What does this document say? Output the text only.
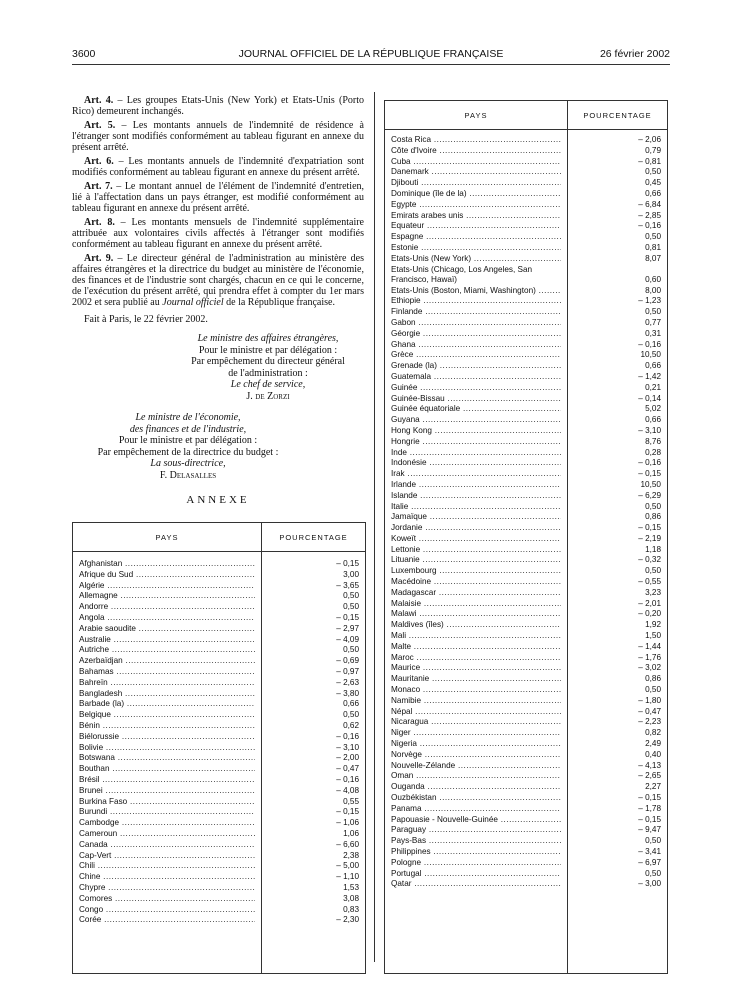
3600	JOURNAL OFFICIEL DE LA RÉPUBLIQUE FRANÇAISE	26 février 2002

Art. 4. – Les groupes Etats-Unis (New York) et Etats-Unis (Porto Rico) demeurent inchangés.

Art. 5. – Les montants annuels de l'indemnité de résidence à l'étranger sont modifiés conformément au tableau figurant en annexe du présent arrêté.

Art. 6. – Les montants annuels de l'indemnité d'expatriation sont modifiés conformément au tableau figurant en annexe du présent arrêté.

Art. 7. – Le montant annuel de l'élément de l'indemnité d'entretien, lié à l'affectation dans un pays étranger, est modifié conformément au tableau figurant en annexe du présent arrêté.

Art. 8. – Les montants mensuels de l'indemnité supplémentaire attribuée aux volontaires civils affectés à l'étranger sont modifiés conformément au tableau figurant en annexe du présent arrêté.

Art. 9. – Le directeur général de l'administration au ministère des affaires étrangères et la directrice du budget au ministère de l'économie, des finances et de l'industrie sont chargés, chacun en ce qui le concerne, de l'exécution du présent arrêté, qui prendra effet à compter du 1er mars 2002 et sera publié au Journal officiel de la République française.

Fait à Paris, le 22 février 2002.

Le ministre des affaires étrangères,
Pour le ministre et par délégation :
Par empêchement du directeur général
de l'administration :
Le chef de service,
J. de Zorzi
Le ministre de l'économie,
des finances et de l'industrie,
Pour le ministre et par délégation :
Par empêchement de la directrice du budget :
La sous-directrice,
F. Delasalles
ANNEXE
PAYS	POURCENTAGE
Afghanistan .....	– 0,15
Afrique du Sud .....	3,00
Algérie .....	– 3,65
Allemagne .....	0,50
Andorre .....	0,50
Angola .....	– 0,15
Arabie saoudite .....	– 2,97
Australie .....	– 4,09
Autriche .....	0,50
Azerbaïdjan .....	– 0,69
Bahamas .....	– 0,97
Bahreïn .....	– 2,63
Bangladesh .....	– 3,80
Barbade (la) .....	0,66
Belgique .....	0,50
Bénin .....	0,62
Biélorussie .....	– 0,16
Bolivie .....	– 3,10
Botswana .....	– 2,00
Bouthan .....	– 0,47
Brésil .....	– 0,16
Brunei .....	– 4,08
Burkina Faso .....	0,55
Burundi .....	– 0,15
Cambodge .....	– 1,06
Cameroun .....	1,06
Canada .....	– 6,60
Cap-Vert .....	2,38
Chili .....	– 5,00
Chine .....	– 1,10
Chypre .....	1,53
Comores .....	3,08
Congo .....	0,83
Corée .....	– 2,30
PAYS	POURCENTAGE
Costa Rica .....	– 2,06
Côte d'Ivoire .....	0,79
Cuba .....	– 0,81
Danemark .....	0,50
Djibouti .....	0,45
Dominique (île de la) .....	0,66
Egypte .....	– 6,84
Emirats arabes unis .....	– 2,85
Equateur .....	– 0,16
Espagne .....	0,50
Estonie .....	0,81
Etats-Unis (New York) .....	8,07
Etats-Unis (Chicago, Los Angeles, San Francisco, Hawaï)	0,60
Etats-Unis (Boston, Miami, Washington) .....	8,00
Ethiopie .....	– 1,23
Finlande .....	0,50
Gabon .....	0,77
Géorgie .....	0,31
Ghana .....	– 0,16
Grèce .....	10,50
Grenade (la) .....	0,66
Guatemala .....	– 1,42
Guinée .....	0,21
Guinée-Bissau .....	– 0,14
Guinée équatoriale .....	5,02
Guyana .....	0,66
Hong Kong .....	– 3,10
Hongrie .....	8,76
Inde .....	0,28
Indonésie .....	– 0,16
Irak .....	– 0,15
Irlande .....	10,50
Islande .....	– 6,29
Italie .....	0,50
Jamaïque .....	0,86
Jordanie .....	– 0,15
Koweït .....	– 2,19
Lettonie .....	1,18
Lituanie .....	– 0,32
Luxembourg .....	0,50
Macédoine .....	– 0,55
Madagascar .....	3,23
Malaisie .....	– 2,01
Malawi .....	– 0,20
Maldives (îles) .....	1,92
Mali .....	1,50
Malte .....	– 1,44
Maroc .....	– 1,76
Maurice .....	– 3,02
Mauritanie .....	0,86
Monaco .....	0,50
Namibie .....	– 1,80
Népal .....	– 0,47
Nicaragua .....	– 2,23
Niger .....	0,82
Nigeria .....	2,49
Norvège .....	0,40
Nouvelle-Zélande .....	– 4,13
Oman .....	– 2,65
Ouganda .....	2,27
Ouzbékistan .....	– 0,15
Panama .....	– 1,78
Papouasie - Nouvelle-Guinée .....	– 0,15
Paraguay .....	– 9,47
Pays-Bas .....	0,50
Philippines .....	– 3,41
Pologne .....	– 6,97
Portugal .....	0,50
Qatar .....	– 3,00
